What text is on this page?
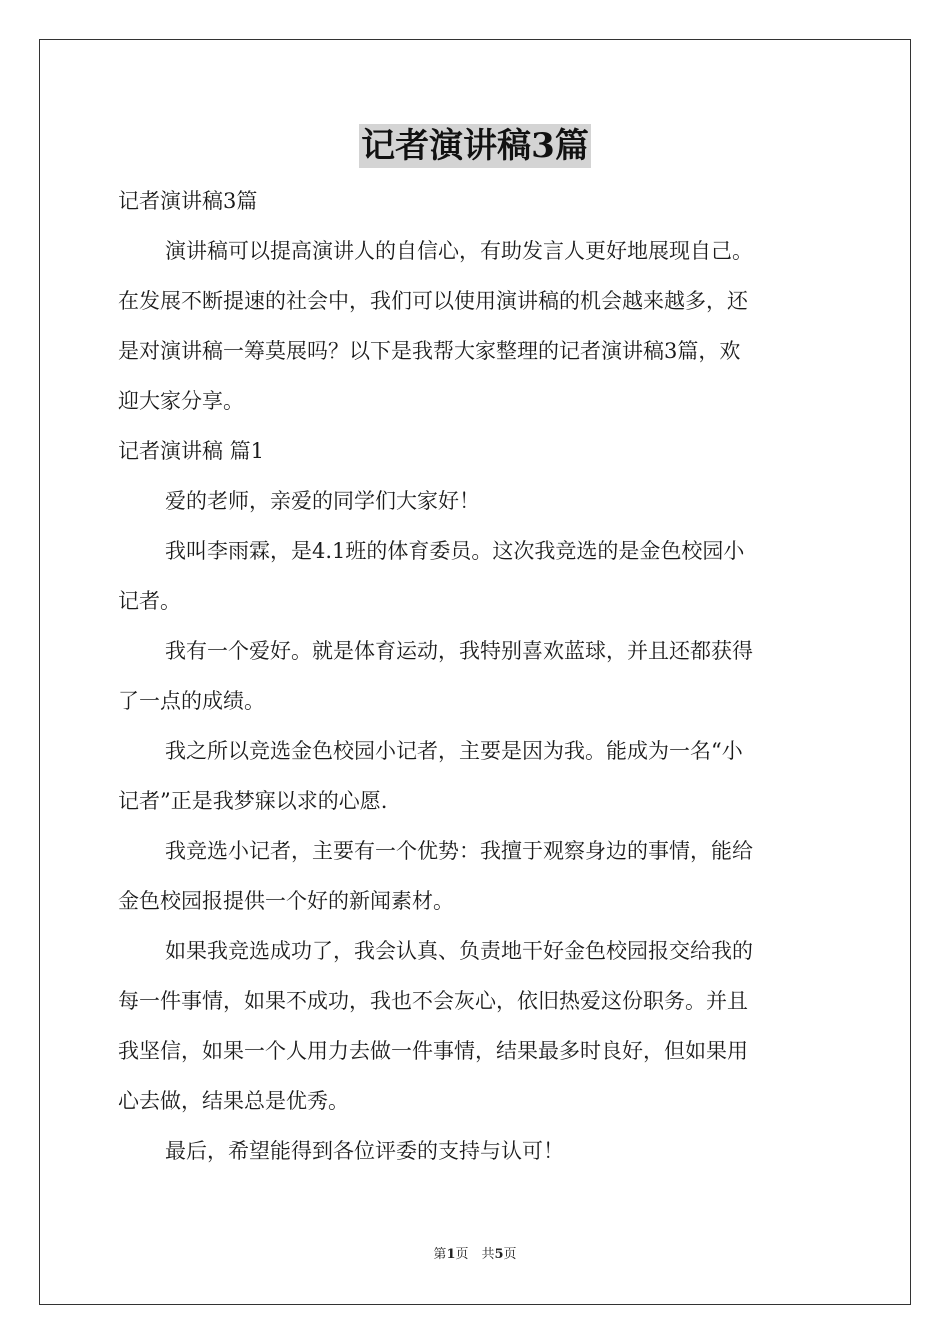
记者演讲稿3篇
记者演讲稿3篇
演讲稿可以提高演讲人的自信心，有助发言人更好地展现自己。
在发展不断提速的社会中，我们可以使用演讲稿的机会越来越多，还
是对演讲稿一筹莫展吗？以下是我帮大家整理的记者演讲稿3篇，欢
迎大家分享。
记者演讲稿 篇1
爱的老师，亲爱的同学们大家好！
我叫李雨霖，是4.1班的体育委员。这次我竞选的是金色校园小
记者。
我有一个爱好。就是体育运动，我特别喜欢蓝球，并且还都获得
了一点的成绩。
我之所以竞选金色校园小记者，主要是因为我。能成为一名“小
记者”正是我梦寐以求的心愿.
我竞选小记者，主要有一个优势：我擅于观察身边的事情，能给
金色校园报提供一个好的新闻素材。
如果我竞选成功了，我会认真、负责地干好金色校园报交给我的
每一件事情，如果不成功，我也不会灰心，依旧热爱这份职务。并且
我坚信，如果一个人用力去做一件事情，结果最多时良好，但如果用
心去做，结果总是优秀。
最后，希望能得到各位评委的支持与认可！
第1页　共5页
